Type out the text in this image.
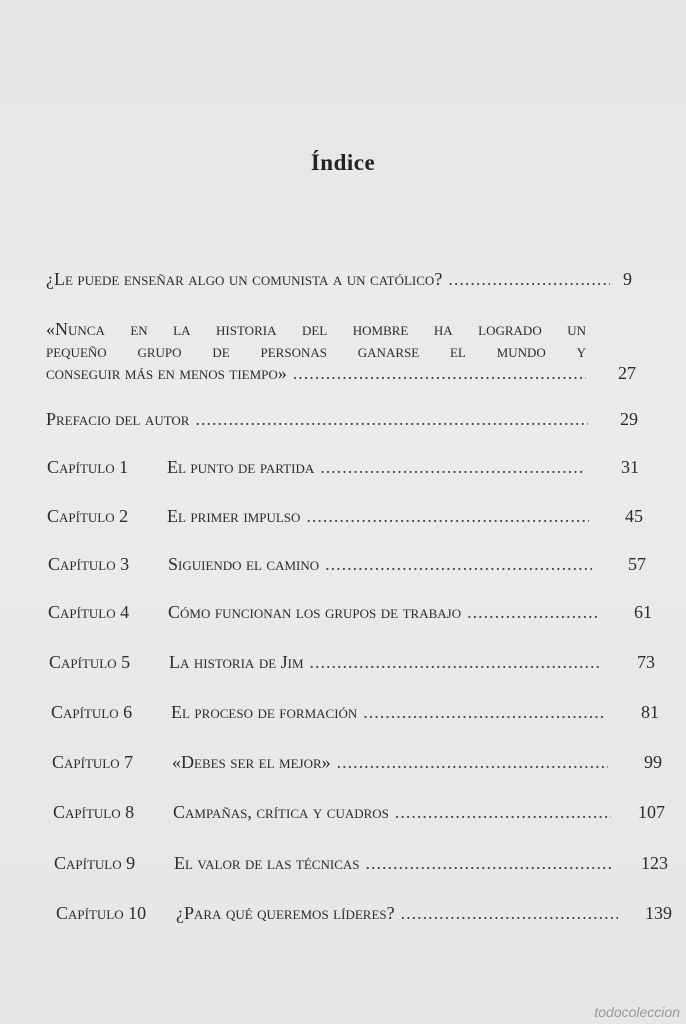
Índice
¿Le puede enseñar algo un comunista a un católico? .....	9
«Nunca en la historia del hombre ha logrado un
pequeño grupo de personas ganarse el mundo y
conseguir más en menos tiempo» .....	27
Prefacio del autor .....	29
Capítulo 1	El punto de partida .....	31
Capítulo 2	El primer impulso .....	45
Capítulo 3	Siguiendo el camino .....	57
Capítulo 4	Cómo funcionan los grupos de trabajo .....	61
Capítulo 5	La historia de Jim .....	73
Capítulo 6	El proceso de formación .....	81
Capítulo 7	«Debes ser el mejor» .....	99
Capítulo 8	Campañas, crítica y cuadros .....	107
Capítulo 9	El valor de las técnicas .....	123
Capítulo 10	¿Para qué queremos líderes? .....	139
todocoleccion
